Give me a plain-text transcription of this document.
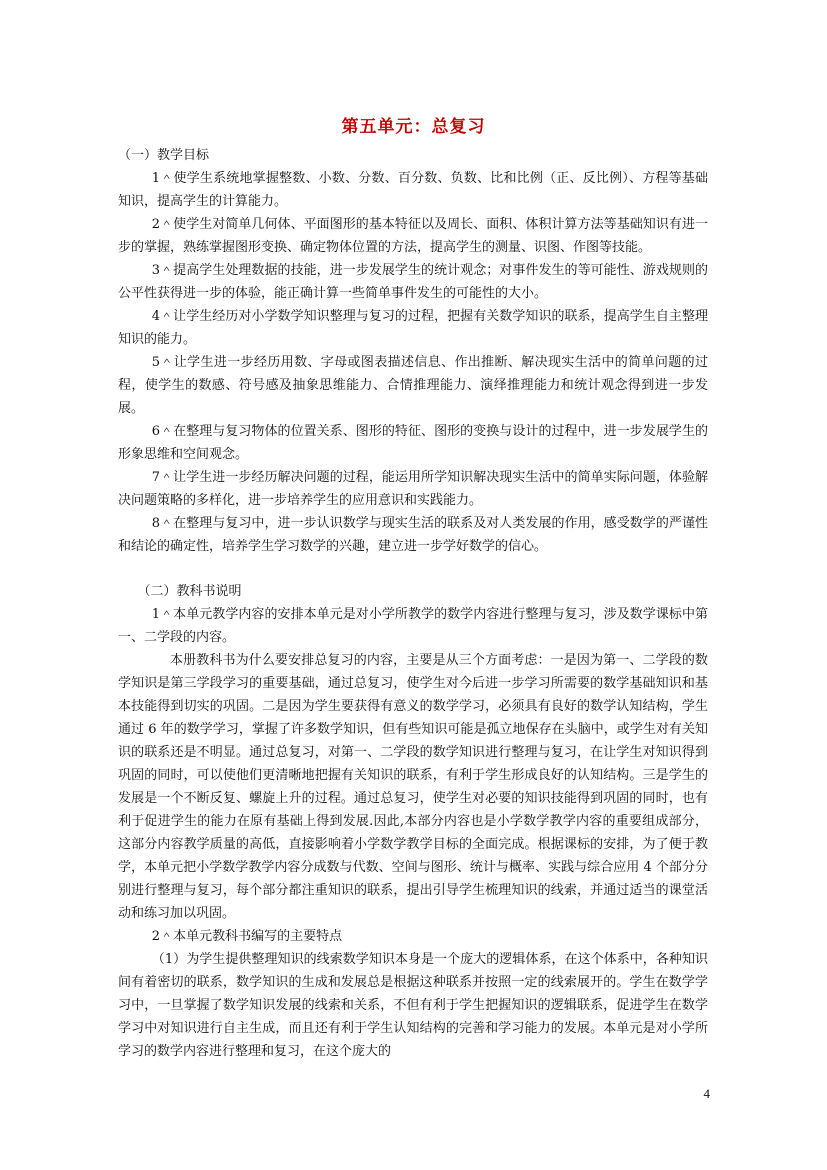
第五单元：总复习

（一）教学目标

1＾使学生系统地掌握整数、小数、分数、百分数、负数、比和比例（正、反比例）、方程等基础知识，提高学生的计算能力。

2＾使学生对简单几何体、平面图形的基本特征以及周长、面积、体积计算方法等基础知识有进一步的掌握，熟练掌握图形变换、确定物体位置的方法，提高学生的测量、识图、作图等技能。

3＾提高学生处理数据的技能，进一步发展学生的统计观念；对事件发生的等可能性、游戏规则的公平性获得进一步的体验，能正确计算一些简单事件发生的可能性的大小。

4＾让学生经历对小学数学知识整理与复习的过程，把握有关数学知识的联系，提高学生自主整理知识的能力。

5＾让学生进一步经历用数、字母或图表描述信息、作出推断、解决现实生活中的简单问题的过程，使学生的数感、符号感及抽象思维能力、合情推理能力、演绎推理能力和统计观念得到进一步发展。

6＾在整理与复习物体的位置关系、图形的特征、图形的变换与设计的过程中，进一步发展学生的形象思维和空间观念。

7＾让学生进一步经历解决问题的过程，能运用所学知识解决现实生活中的简单实际问题，体验解决问题策略的多样化，进一步培养学生的应用意识和实践能力。

8＾在整理与复习中，进一步认识数学与现实生活的联系及对人类发展的作用，感受数学的严谨性和结论的确定性，培养学生学习数学的兴趣，建立进一步学好数学的信心。

（二）教科书说明

1＾本单元教学内容的安排本单元是对小学所教学的数学内容进行整理与复习，涉及数学课标中第一、二学段的内容。

本册教科书为什么要安排总复习的内容，主要是从三个方面考虑：一是因为第一、二学段的数学知识是第三学段学习的重要基础，通过总复习，使学生对今后进一步学习所需要的数学基础知识和基本技能得到切实的巩固。二是因为学生要获得有意义的数学学习，必须具有良好的数学认知结构，学生通过 6 年的数学学习，掌握了许多数学知识，但有些知识可能是孤立地保存在头脑中，或学生对有关知识的联系还是不明显。通过总复习，对第一、二学段的数学知识进行整理与复习，在让学生对知识得到巩固的同时，可以使他们更清晰地把握有关知识的联系，有利于学生形成良好的认知结构。三是学生的发展是一个不断反复、螺旋上升的过程。通过总复习，使学生对必要的知识技能得到巩固的同时，也有利于促进学生的能力在原有基础上得到发展.因此,本部分内容也是小学数学教学内容的重要组成部分，这部分内容教学质量的高低，直接影响着小学数学教学目标的全面完成。根据课标的安排，为了便于教学，本单元把小学数学教学内容分成数与代数、空间与图形、统计与概率、实践与综合应用 4 个部分分别进行整理与复习，每个部分都注重知识的联系，提出引导学生梳理知识的线索，并通过适当的课堂活动和练习加以巩固。

2＾本单元教科书编写的主要特点

（1）为学生提供整理知识的线索数学知识本身是一个庞大的逻辑体系，在这个体系中，各种知识间有着密切的联系，数学知识的生成和发展总是根据这种联系并按照一定的线索展开的。学生在数学学习中，一旦掌握了数学知识发展的线索和关系，不但有利于学生把握知识的逻辑联系，促进学生在数学学习中对知识进行自主生成，而且还有利于学生认知结构的完善和学习能力的发展。本单元是对小学所学习的数学内容进行整理和复习，在这个庞大的

4
